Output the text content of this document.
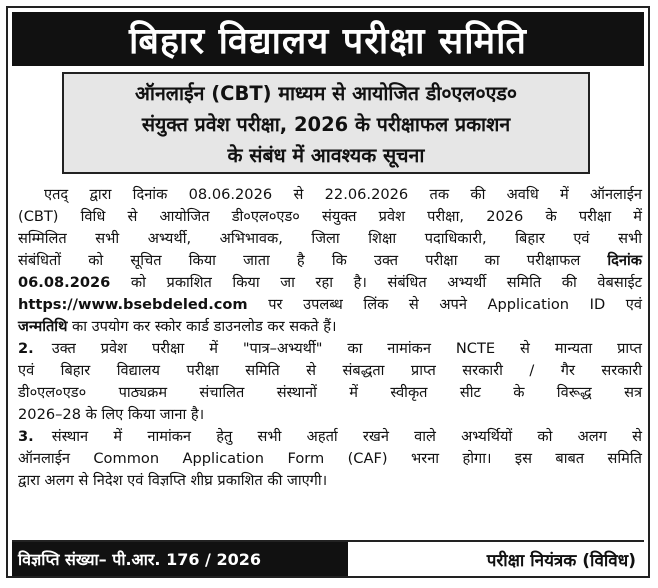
बिहार विद्यालय परीक्षा समिति
ऑनलाईन (CBT) माध्यम से आयोजित डी०एल०एड०
संयुक्त प्रवेश परीक्षा, 2026 के परीक्षाफल प्रकाशन
के संबंध में आवश्यक सूचना
एतद् द्वारा दिनांक 08.06.2026 से 22.06.2026 तक की अवधि में ऑनलाईन
(CBT) विधि से आयोजित डी०एल०एड० संयुक्त प्रवेश परीक्षा, 2026 के परीक्षा में
सम्मिलित सभी अभ्यर्थी, अभिभावक, जिला शिक्षा पदाधिकारी, बिहार एवं सभी
संबंधितों को सूचित किया जाता है कि उक्त परीक्षा का परीक्षाफल दिनांक
06.08.2026 को प्रकाशित किया जा रहा है। संबंधित अभ्यर्थी समिति की वेबसाईट
https://www.bsebdeled.com पर उपलब्ध लिंक से अपने Application ID एवं
जन्मतिथि का उपयोग कर स्कोर कार्ड डाउनलोड कर सकते हैं।
2. उक्त प्रवेश परीक्षा में "पात्र–अभ्यर्थी" का नामांकन NCTE से मान्यता प्राप्त
एवं बिहार विद्यालय परीक्षा समिति से संबद्धता प्राप्त सरकारी / गैर सरकारी
डी०एल०एड० पाठ्यक्रम संचालित संस्थानों में स्वीकृत सीट के विरूद्ध सत्र
2026–28 के लिए किया जाना है।
3. संस्थान में नामांकन हेतु सभी अहर्ता रखने वाले अभ्यर्थियों को अलग से
ऑनलाईन Common Application Form (CAF) भरना होगा। इस बाबत समिति
द्वारा अलग से निदेश एवं विज्ञप्ति शीघ्र प्रकाशित की जाएगी।
विज्ञप्ति संख्या– पी.आर. 176 / 2026	परीक्षा नियंत्रक (विविध)
